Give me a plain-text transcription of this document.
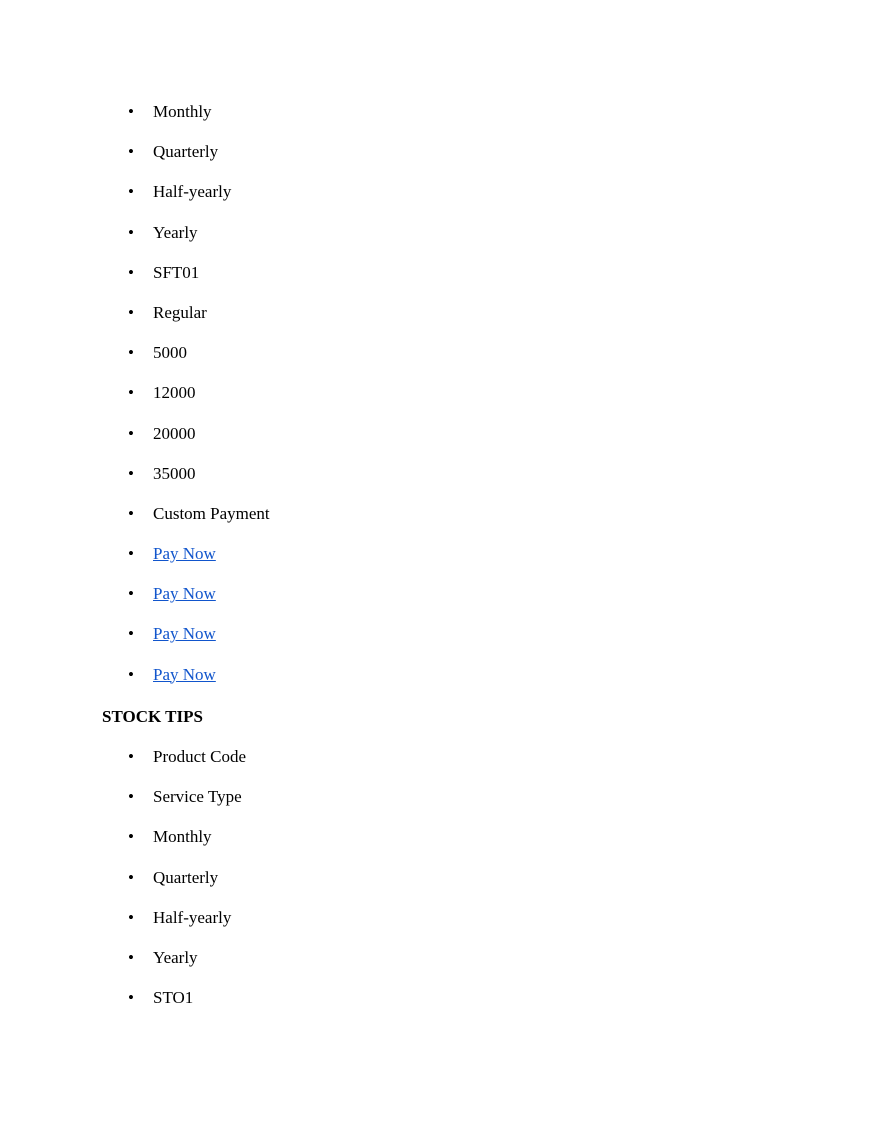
• Monthly
• Quarterly
• Half-yearly
• Yearly
• SFT01
• Regular
• 5000
• 12000
• 20000
• 35000
• Custom Payment
• Pay Now
• Pay Now
• Pay Now
• Pay Now
STOCK TIPS
• Product Code
• Service Type
• Monthly
• Quarterly
• Half-yearly
• Yearly
• STO1
